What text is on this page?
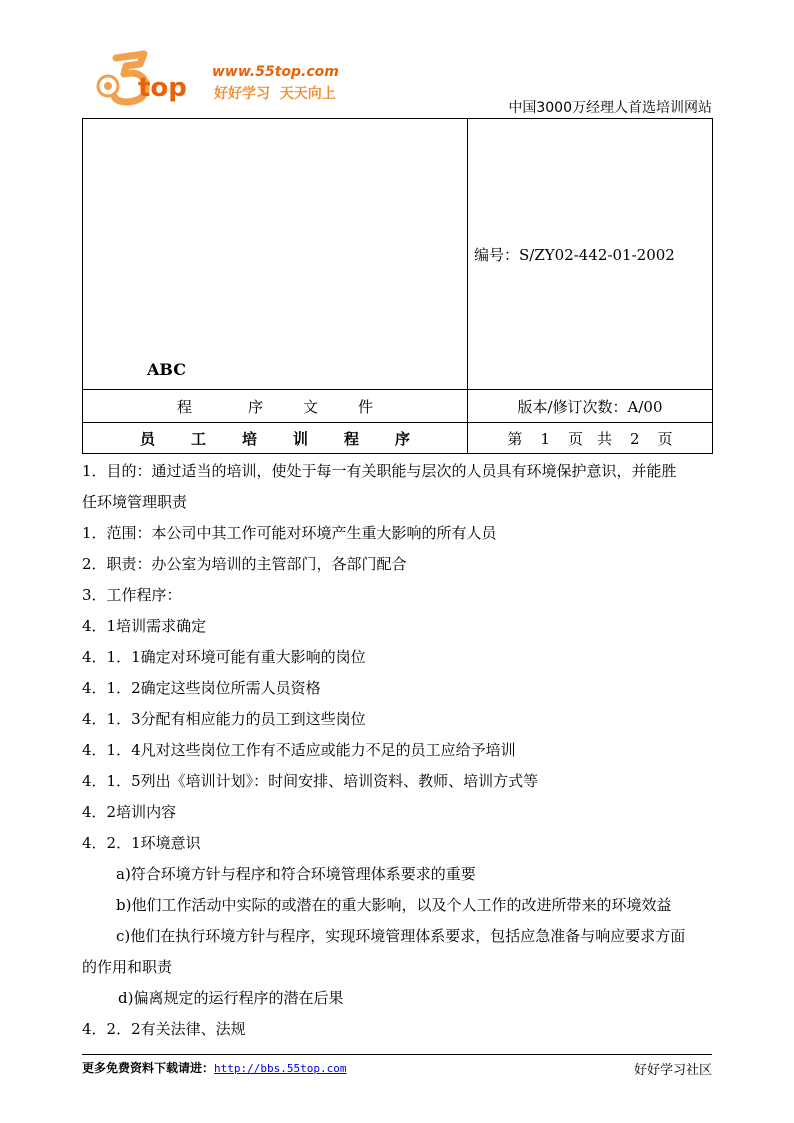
top
www.55top.com
好好学习  天天向上
中国3000万经理人首选培训网站
ABC	编号：S/ZY02-442-01-2002
程 序 文 件	版本/修订次数：A/00
员 工 培 训 程 序	第 1 页 共 2 页
1．目的：通过适当的培训，使处于每一有关职能与层次的人员具有环境保护意识，并能胜
任环境管理职责
1．范围：本公司中其工作可能对环境产生重大影响的所有人员
2．职责：办公室为培训的主管部门，各部门配合
3．工作程序：
4．1培训需求确定
4．1．1确定对环境可能有重大影响的岗位
4．1．2确定这些岗位所需人员资格
4．1．3分配有相应能力的员工到这些岗位
4．1．4凡对这些岗位工作有不适应或能力不足的员工应给予培训
4．1．5列出《培训计划》：时间安排、培训资料、教师、培训方式等
4．2培训内容
4．2．1环境意识
a)符合环境方针与程序和符合环境管理体系要求的重要
b)他们工作活动中实际的或潜在的重大影响，以及个人工作的改进所带来的环境效益
c)他们在执行环境方针与程序，实现环境管理体系要求，包括应急准备与响应要求方面
的作用和职责
d)偏离规定的运行程序的潜在后果
4．2．2有关法律、法规
更多免费资料下载请进：http://bbs.55top.com	好好学习社区
